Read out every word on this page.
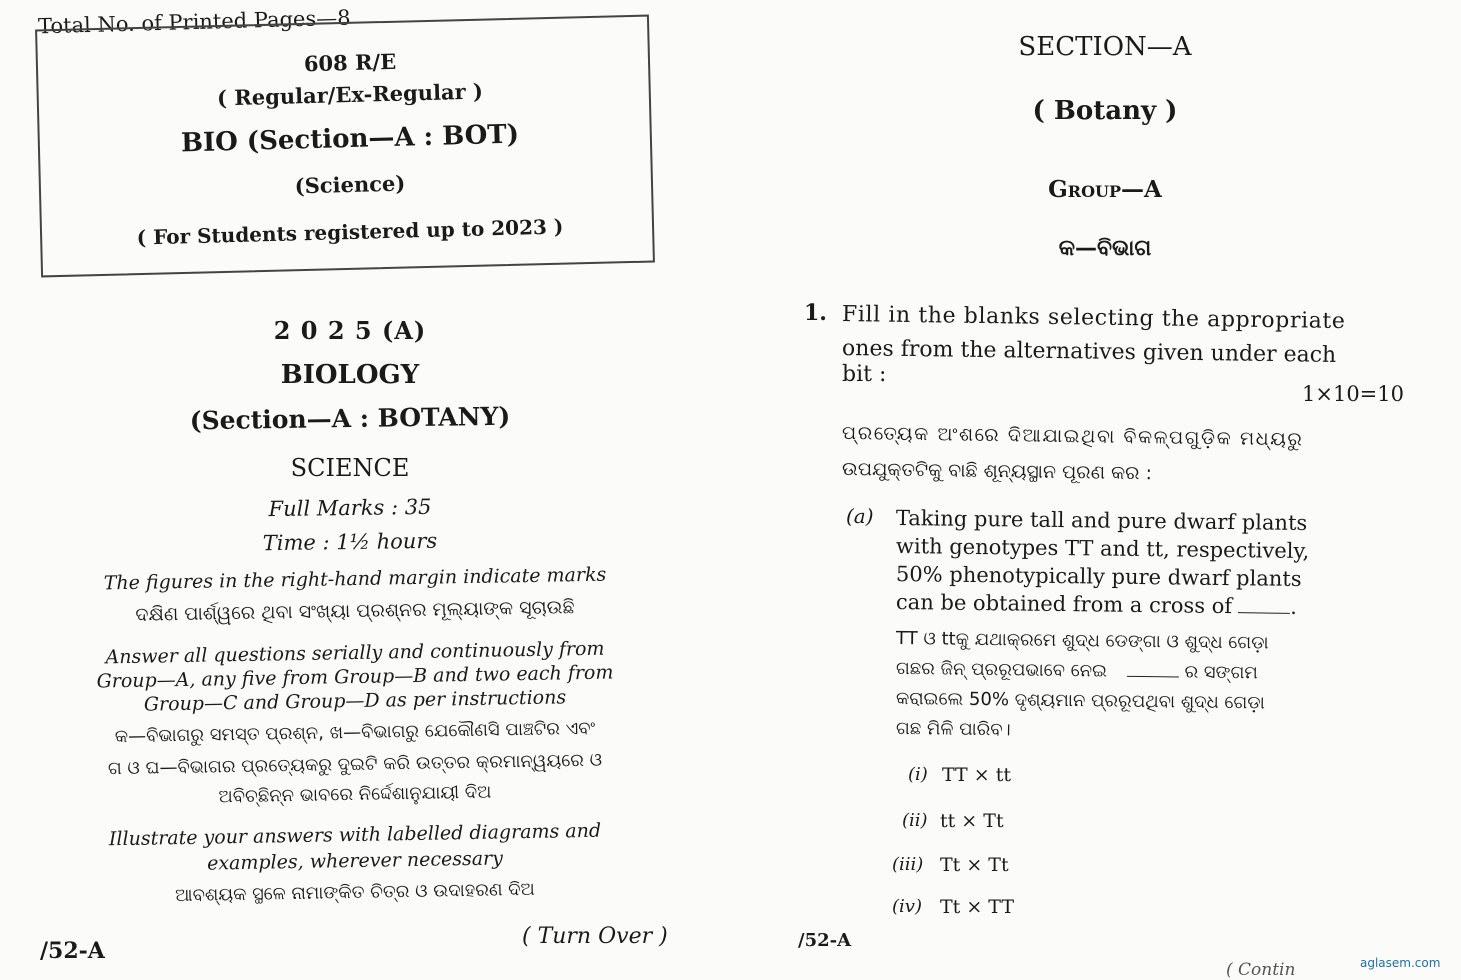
Total No. of Printed Pages—8
608 R/E
( Regular/Ex-Regular )
BIO (Section—A : BOT)
(Science)
( For Students registered up to 2023 )
2 0 2 5 (A)
BIOLOGY
(Section—A : BOTANY)
SCIENCE
Full Marks : 35
Time : 1½ hours
The figures in the right-hand margin indicate marks
ଦକ୍ଷିଣ ପାର୍ଶ୍ୱରେ ଥିବା ସଂଖ୍ୟା ପ୍ରଶ୍ନର ମୂଲ୍ୟାଙ୍କ ସୂଚାଉଛି
Answer all questions serially and continuously from
Group—A, any five from Group—B and two each from
Group—C and Group—D as per instructions
କ—ବିଭାଗରୁ ସମସ୍ତ ପ୍ରଶ୍ନ, ଖ—ବିଭାଗରୁ ଯେକୌଣସି ପାଞ୍ଚଟିର ଏବଂ
ଗ ଓ ଘ—ବିଭାଗର ପ୍ରତ୍ୟେକରୁ ଦୁଇଟି କରି ଉତ୍ତର କ୍ରମାନ୍ୱୟରେ ଓ
ଅବିଚ୍ଛିନ୍ନ ଭାବରେ ନିର୍ଦ୍ଦେଶାନୁଯାୟୀ ଦିଅ
Illustrate your answers with labelled diagrams and
examples, wherever necessary
ଆବଶ୍ୟକ ସ୍ଥଳେ ନାମାଙ୍କିତ ଚିତ୍ର ଓ ଉଦାହରଣ ଦିଅ
/52-A
( Turn Over )
SECTION—A
( Botany )
Group—A
କ—ବିଭାଗ
1. Fill in the blanks selecting the appropriate
ones from the alternatives given under each
bit :
1×10=10
ପ୍ରତ୍ୟେକ ଅଂଶରେ ଦିଆଯାଇଥିବା ବିକଳ୍ପଗୁଡ଼ିକ ମଧ୍ୟରୁ
ଉପଯୁକ୍ତଟିକୁ ବାଛି ଶୂନ୍ୟସ୍ଥାନ ପୂରଣ କର :
(a) Taking pure tall and pure dwarf plants
with genotypes TT and tt, respectively,
50% phenotypically pure dwarf plants
can be obtained from a cross of	.
TT ଓ ttକୁ ଯଥାକ୍ରମେ ଶୁଦ୍ଧ ଡେଙ୍ଗା ଓ ଶୁଦ୍ଧ ଗେଡ଼ା
ଗଛର ଜିନ୍ ପ୍ରରୂପଭାବେ ନେଇ	ର ସଙ୍ଗମ
କରାଇଲେ 50% ଦୃଶ୍ୟମାନ ପ୍ରରୂପଥିବା ଶୁଦ୍ଧ ଗେଡ଼ା
ଗଛ ମିଳି ପାରିବ।
(i) TT × tt
(ii) tt × Tt
(iii) Tt × Tt
(iv) Tt × TT
/52-A
( Contin	aglasem.com
